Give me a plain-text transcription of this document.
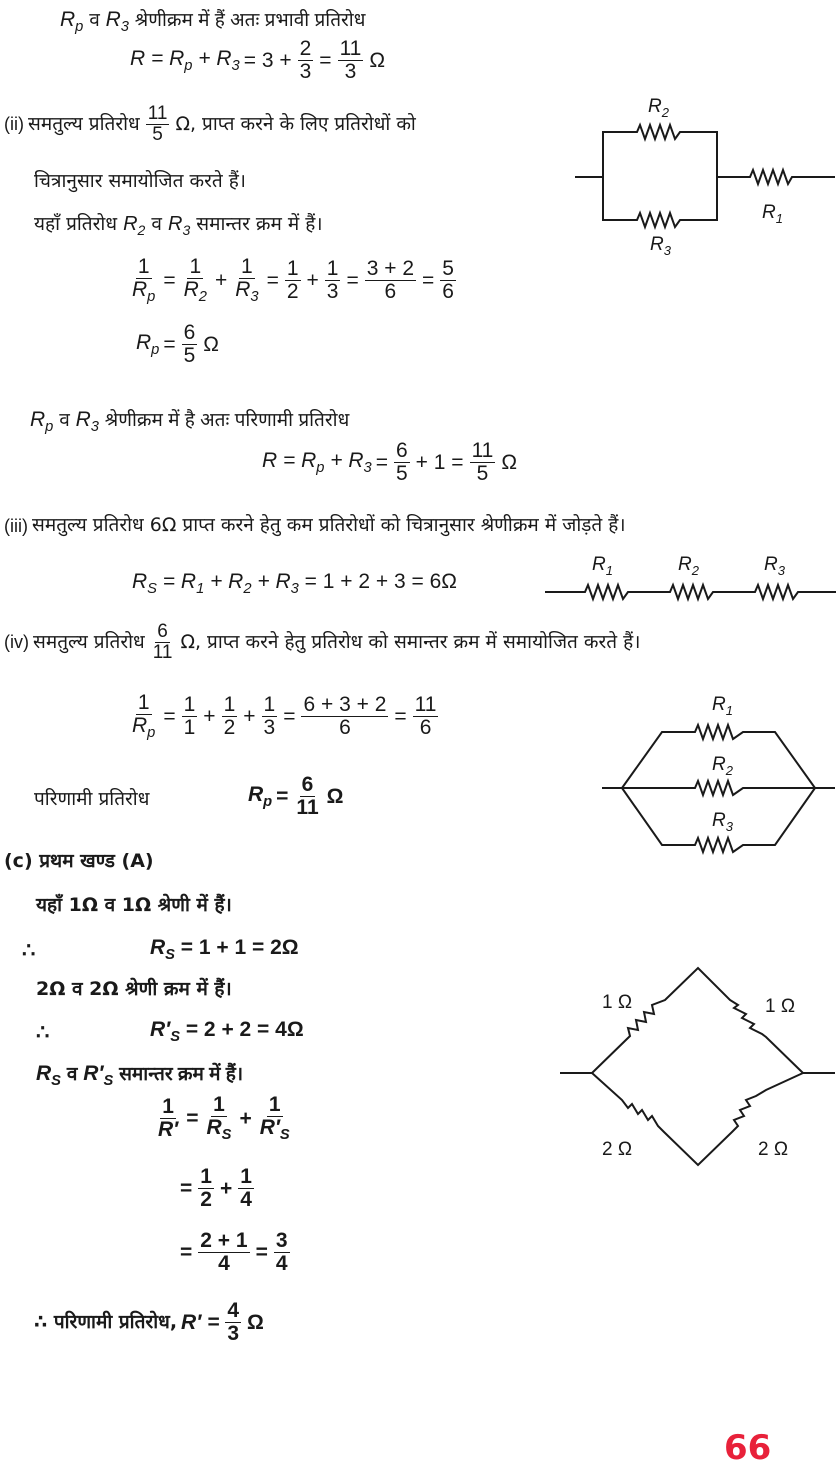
$R_p$ व $R_3$ श्रेणीक्रम में हैं अतः प्रभावी प्रतिरोध
$R = R_p + R_3 = 3 + \frac{2}{3} = \frac{11}{3}$ Ω
(ii) समतुल्य प्रतिरोध $\frac{11}{5} \Omega$, प्राप्त करने के लिए प्रतिरोधों को
चित्रानुसार समायोजित करते हैं।
यहाँ प्रतिरोध $R_2$ व $R_3$ समान्तर क्रम में हैं।
$\frac{1}{R_p} = \frac{1}{R_2} + \frac{1}{R_3} = \frac{1}{2} + \frac{1}{3} = \frac{3 + 2}{6} = \frac{5}{6}$
$R_p = \frac{6}{5}$ Ω
$R_p$ व $R_3$ श्रेणीक्रम में है अतः परिणामी प्रतिरोध
$R = R_p + R_3 = \frac{6}{5} + 1 = \frac{11}{5}$ Ω
$R_2$
$R_3$
$R_1$
(iii) समतुल्य प्रतिरोध 6Ω प्राप्त करने हेतु कम प्रतिरोधों को चित्रानुसार श्रेणीक्रम में जोड़ते हैं।
$R_S = R_1 + R_2 + R_3 = 1 + 2 + 3 = 6\Omega$
$R_1$	$R_2$	$R_3$
(iv) समतुल्य प्रतिरोध $\frac{6}{11} \Omega$, प्राप्त करने हेतु प्रतिरोध को समान्तर क्रम में समायोजित करते हैं।
$\frac{1}{R_p} = \frac{1}{1} + \frac{1}{2} + \frac{1}{3} = \frac{6 + 3 + 2}{6} = \frac{11}{6}$
परिणामी प्रतिरोध	$R_p = \frac{6}{11}$ Ω
$R_1$
$R_2$
$R_3$
(c) प्रथम खण्ड (A)
यहाँ 1Ω व 1Ω श्रेणी में हैं।
∴	$R_S = 1 + 1 = 2\Omega$
2Ω व 2Ω श्रेणी क्रम में हैं।
∴	$R'_S = 2 + 2 = 4\Omega$
$R_S$ व $R'_S$ समान्तर क्रम में हैं।
$\frac{1}{R'} = \frac{1}{R_S} + \frac{1}{R'_S}$
= $\frac{1}{2} + \frac{1}{4}$
= $\frac{2 + 1}{4} = \frac{3}{4}$
∴ परिणामी प्रतिरोध, $R' = \frac{4}{3}$ Ω
1 Ω	1 Ω
2 Ω	2 Ω
66
